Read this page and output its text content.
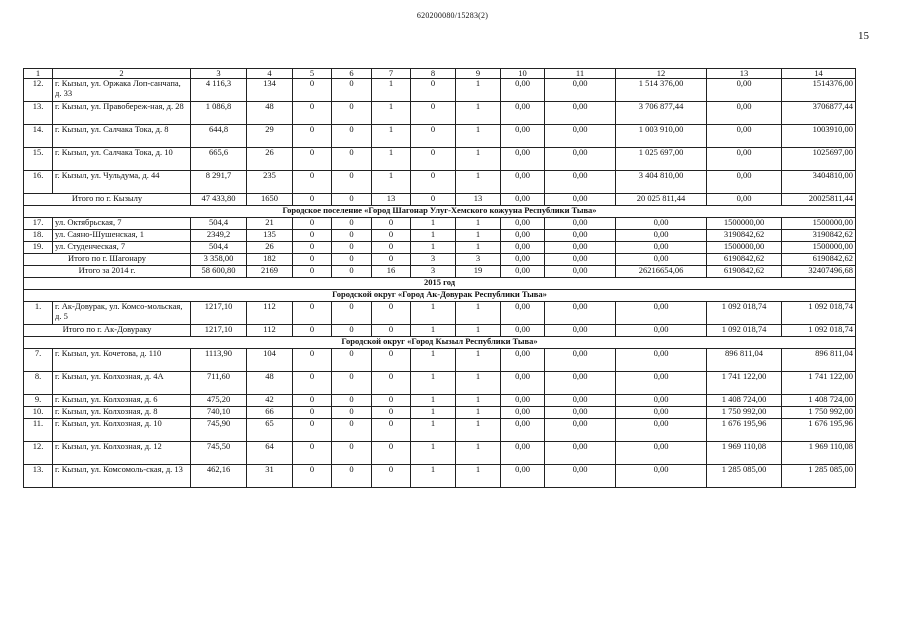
620200080/15283(2)
15
1	2	3	4	5	6	7	8	9	10	11	12	13	14
12.	г. Кызыл, ул. Оржака Лоп-санчапа, д. 33	4 116,3	134	0	0	1	0	1	0,00	0,00	1 514 376,00	0,00	1514376,00
13.	г. Кызыл, ул. Правобереж-ная, д. 28	1 086,8	48	0	0	1	0	1	0,00	0,00	3 706 877,44	0,00	3706877,44
14.	г. Кызыл, ул. Салчака Тока, д. 8	644,8	29	0	0	1	0	1	0,00	0,00	1 003 910,00	0,00	1003910,00
15.	г. Кызыл, ул. Салчака Тока, д. 10	665,6	26	0	0	1	0	1	0,00	0,00	1 025 697,00	0,00	1025697,00
16.	г. Кызыл, ул. Чульдума, д. 44	8 291,7	235	0	0	1	0	1	0,00	0,00	3 404 810,00	0,00	3404810,00
Итого по г. Кызылу		47 433,80	1650	0	0	13	0	13	0,00	0,00	20 025 811,44	0,00	20025811,44
Городское поселение «Город Шагонар Улуг-Хемского кожууна Республики Тыва»													
17.	ул. Октябрьская, 7	504,4	21	0	0	0	1	1	0,00	0,00	0,00	1500000,00	1500000,00
18.	ул. Саяно-Шушенская, 1	2349,2	135	0	0	0	1	1	0,00	0,00	0,00	3190842,62	3190842,62
19.	ул. Студенческая, 7	504,4	26	0	0	0	1	1	0,00	0,00	0,00	1500000,00	1500000,00
Итого по г. Шагонару		3 358,00	182	0	0	0	3	3	0,00	0,00	0,00	6190842,62	6190842,62
Итого за 2014 г.		58 600,80	2169	0	0	16	3	19	0,00	0,00	26216654,06	6190842,62	32407496,68
2015 год													
Городской округ «Город Ак-Довурак Республики Тыва»													
1.	г. Ак-Довурак, ул. Комсо-мольская, д. 5	1217,10	112	0	0	0	1	1	0,00	0,00	0,00	1 092 018,74	1 092 018,74
Итого по г. Ак-Довураку		1217,10	112	0	0	0	1	1	0,00	0,00	0,00	1 092 018,74	1 092 018,74
Городской округ «Город Кызыл Республики Тыва»													
7.	г. Кызыл, ул. Кочетова, д. 110	1113,90	104	0	0	0	1	1	0,00	0,00	0,00	896 811,04	896 811,04
8.	г. Кызыл, ул. Колхозная, д. 4А	711,60	48	0	0	0	1	1	0,00	0,00	0,00	1 741 122,00	1 741 122,00
9.	г. Кызыл, ул. Колхозная, д. 6	475,20	42	0	0	0	1	1	0,00	0,00	0,00	1 408 724,00	1 408 724,00
10.	г. Кызыл, ул. Колхозная, д. 8	740,10	66	0	0	0	1	1	0,00	0,00	0,00	1 750 992,00	1 750 992,00
11.	г. Кызыл, ул. Колхозная, д. 10	745,90	65	0	0	0	1	1	0,00	0,00	0,00	1 676 195,96	1 676 195,96
12.	г. Кызыл, ул. Колхозная, д. 12	745,50	64	0	0	0	1	1	0,00	0,00	0,00	1 969 110,08	1 969 110,08
13.	г. Кызыл, ул. Комсомоль-ская, д. 13	462,16	31	0	0	0	1	1	0,00	0,00	0,00	1 285 085,00	1 285 085,00
